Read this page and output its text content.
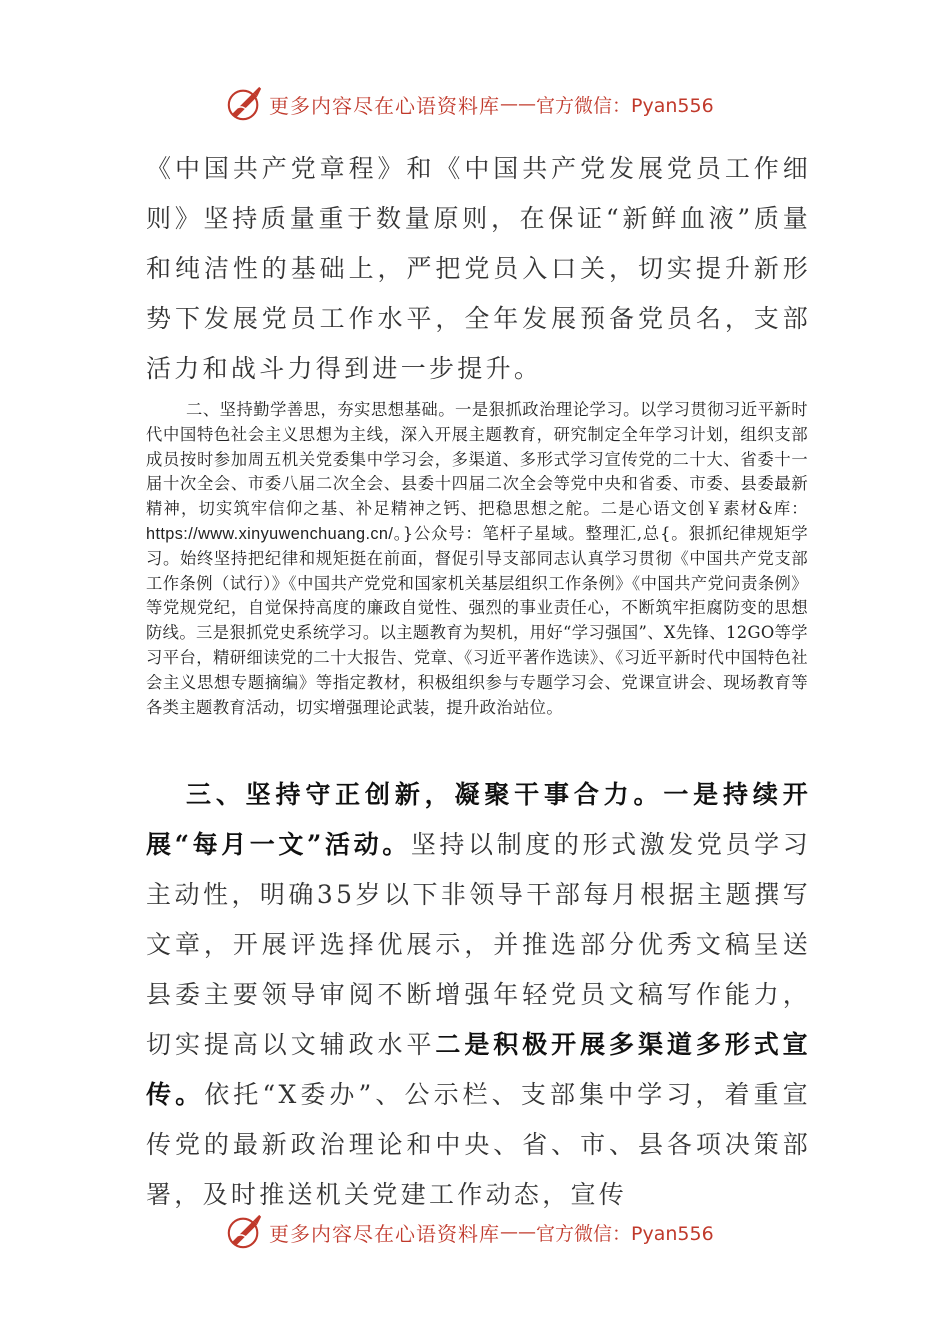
更多内容尽在心语资料库 —— 官方微信：Pyan556

《中国共产党章程》和《中国共产党发展党员工作细则》坚持质量重于数量原则，在保证“新鲜血液”质量和纯洁性的基础上，严把党员入口关，切实提升新形势下发展党员工作水平，全年发展预备党员名，支部活力和战斗力得到进一步提升。

二、坚持勤学善思，夯实思想基础。一是狠抓政治理论学习。以学习贯彻习近平新时代中国特色社会主义思想为主线，深入开展主题教育，研究制定全年学习计划，组织支部成员按时参加周五机关党委集中学习会，多渠道、多形式学习宣传党的二十大、省委十一届十次全会、市委八届二次全会、县委十四届二次全会等党中央和省委、市委、县委最新精神，切实筑牢信仰之基、补足精神之钙、把稳思想之舵。二是心语文创￥素材&库：https://www.xinyuwenchuang.cn/。}公众号：笔杆子星域。整理汇,总{。狠抓纪律规矩学习。始终坚持把纪律和规矩挺在前面，督促引导支部同志认真学习贯彻《中国共产党支部工作条例（试行）》《中国共产党党和国家机关基层组织工作条例》《中国共产党问责条例》等党规党纪，自觉保持高度的廉政自觉性、强烈的事业责任心，不断筑牢拒腐防变的思想防线。三是狠抓党史系统学习。以主题教育为契机，用好“学习强国”、X先锋、12GO等学习平台，精研细读党的二十大报告、党章、《习近平著作选读》、《习近平新时代中国特色社会主义思想专题摘编》等指定教材，积极组织参与专题学习会、党课宣讲会、现场教育等各类主题教育活动，切实增强理论武装，提升政治站位。

三、坚持守正创新，凝聚干事合力。一是持续开展“每月一文”活动。坚持以制度的形式激发党员学习主动性，明确35岁以下非领导干部每月根据主题撰写文章，开展评选择优展示，并推选部分优秀文稿呈送县委主要领导审阅不断增强年轻党员文稿写作能力，切实提高以文辅政水平二是积极开展多渠道多形式宣传。依托“X委办”、公示栏、支部集中学习，着重宣传党的最新政治理论和中央、省、市、县各项决策部署，及时推送机关党建工作动态，宣传

更多内容尽在心语资料库 —— 官方微信：Pyan556
